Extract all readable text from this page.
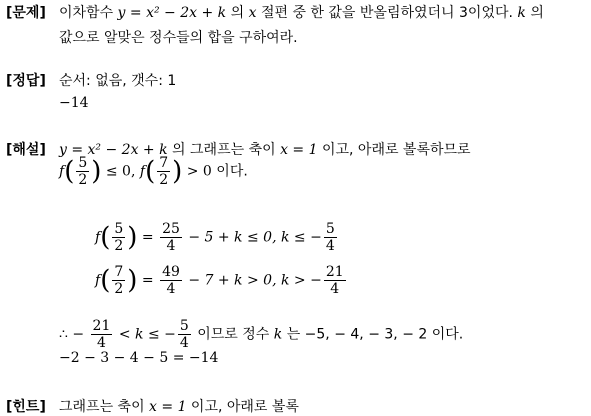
[문제] 이차함수 y = x² − 2x + k 의 x 절편 중 한 값을 반올림하였더니 3이었다. k 의
값으로 알맞은 정수들의 합을 구하여라.
[정답] 순서: 없음, 갯수: 1
−14
[해설] y = x² − 2x + k 의 그래프는 축이 x = 1 이고, 아래로 볼록하므로
$f( \frac{5}{2}$ ) ≤ 0, $f( \frac{7}{2}$ ) > 0 이다.
$f( \frac{5}{2}$ ) = $\frac{25}{4} - 5 + k \le 0$, k ≤ − $\frac{5}{4}$
$f( \frac{7}{2}$ ) = $\frac{49}{4} - 7 + k > 0$, k > − $\frac{21}{4}$
∴ − $\frac{21}{4} < k$ ≤ − $\frac{5}{4}$ 이므로 정수 k 는 −5, − 4, − 3, − 2 이다.
−2 − 3 − 4 − 5 = −14
[힌트] 그래프는 축이 x = 1 이고, 아래로 볼록
